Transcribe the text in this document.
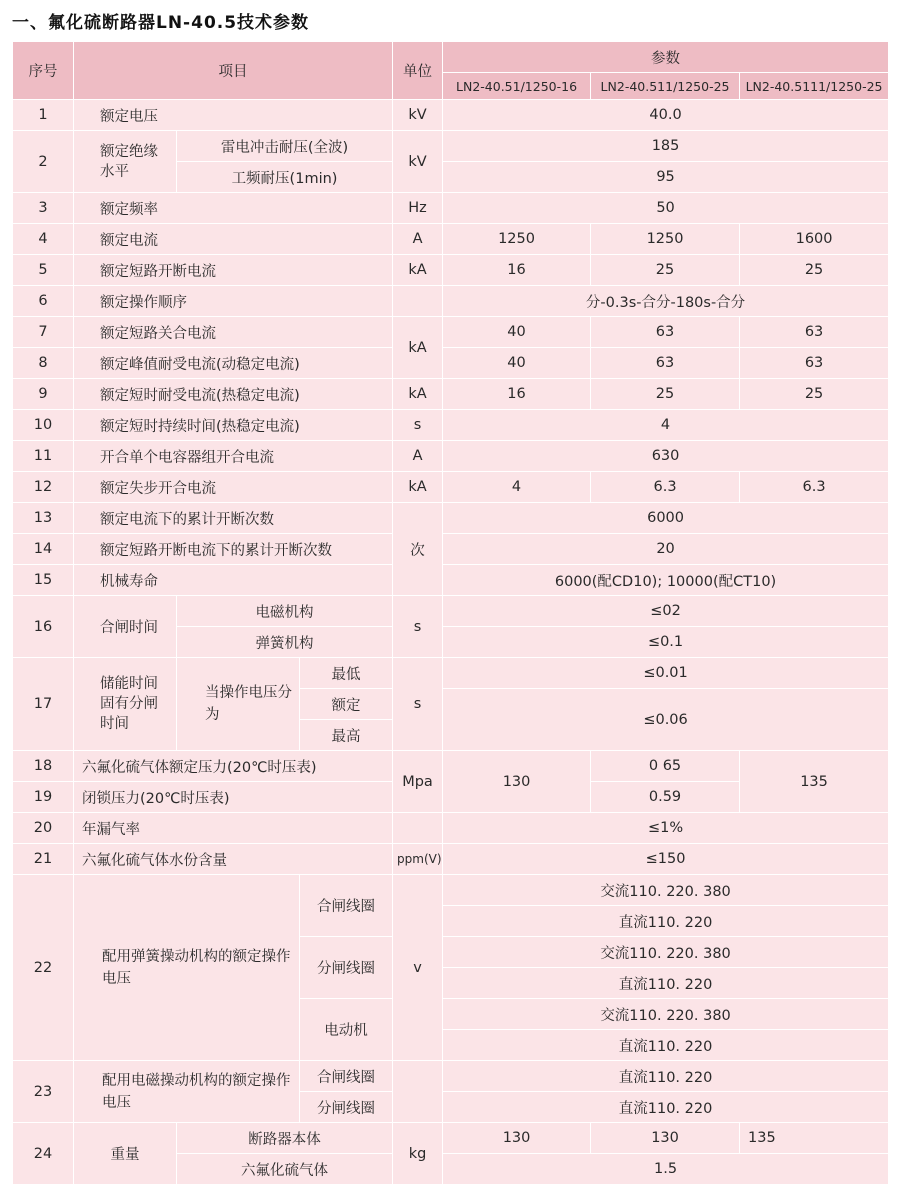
一、氟化硫断路器LN-40.5技术参数
序号	项目			单位	参数		
					LN2-40.51/1250-16	LN2-40.511/1250-25	LN2-40.5111/1250-25
1	额定电压			kV	40.0		
2	额定绝缘水平	雷电冲击耐压(全波)		kV	185		
		工频耐压(1min)			95		
3	额定频率			Hz	50		
4	额定电流			A	1250	1250	1600
5	额定短路开断电流			kA	16	25	25
6	额定操作顺序				分-0.3s-合分-180s-合分		
7	额定短路关合电流			kA	40	63	63
8	额定峰值耐受电流(动稳定电流)				40	63	63
9	额定短时耐受电流(热稳定电流)			kA	16	25	25
10	额定短时持续时间(热稳定电流)			s	4		
11	开合单个电容器组开合电流			A	630		
12	额定失步开合电流			kA	4	6.3	6.3
13	额定电流下的累计开断次数			次	6000		
14	额定短路开断电流下的累计开断次数				20		
15	机械寿命				6000(配CD10); 10000(配CT10)		
16	合闸时间	电磁机构		s	≤02		
		弹簧机构			≤0.1		
17	储能时间固有分闸时间	当操作电压分为	最低	s	≤0.01		
			额定		≤0.06		
			最高				
18	六氟化硫气体额定压力(20℃时压表)			Mpa	130	0 65	135
19	闭锁压力(20℃时压表)					0.59	
20	年漏气率				≤1%		
21	六氟化硫气体水份含量			ppm(V)	≤150		
22	配用弹簧操动机构的额定操作电压		合闸线圈	v	交流110. 220. 380		
					直流110. 220		
			分闸线圈		交流110. 220. 380		
					直流110. 220		
			电动机		交流110. 220. 380		
					直流110. 220		
23	配用电磁操动机构的额定操作电压		合闸线圈		直流110. 220		
			分闸线圈		直流110. 220		
24	重量	断路器本体		kg	130	130	135
		六氟化硫气体			1.5		
